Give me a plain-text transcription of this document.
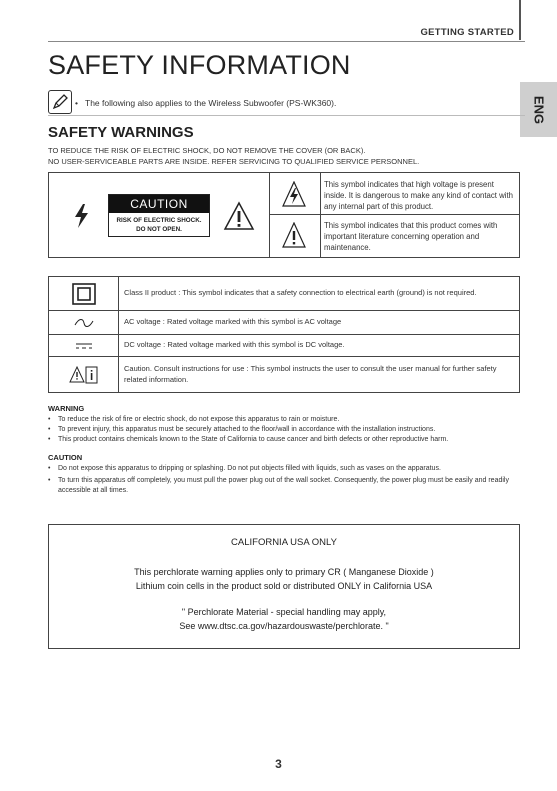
GETTING STARTED
SAFETY INFORMATION
ENG
• The following also applies to the Wireless Subwoofer (PS-WK360).
SAFETY WARNINGS
TO REDUCE THE RISK OF ELECTRIC SHOCK, DO NOT REMOVE THE COVER (OR BACK).
NO USER-SERVICEABLE PARTS ARE INSIDE. REFER SERVICING TO QUALIFIED SERVICE PERSONNEL.
CAUTION
RISK OF ELECTRIC SHOCK.
DO NOT OPEN.
This symbol indicates that high voltage is present inside. It is dangerous to make any kind of contact with any internal part of this product.
This symbol indicates that this product comes with important literature concerning operation and maintenance.
Class II product : This symbol indicates that a safety connection to electrical earth (ground) is not required.
AC voltage : Rated voltage marked with this symbol is AC voltage
DC voltage : Rated voltage marked with this symbol is DC voltage.
Caution. Consult instructions for use : This symbol instructs the user to consult the user manual for further safety related information.
WARNING
• To reduce the risk of fire or electric shock, do not expose this apparatus to rain or moisture.
• To prevent injury, this apparatus must be securely attached to the floor/wall in accordance with the installation instructions.
• This product contains chemicals known to the State of California to cause cancer and birth defects or other reproductive harm.
CAUTION
• Do not expose this apparatus to dripping or splashing. Do not put objects filled with liquids, such as vases on the apparatus.
• To turn this apparatus off completely, you must pull the power plug out of the wall socket. Consequently, the power plug must be easily and readily accessible at all times.
CALIFORNIA USA ONLY
This perchlorate warning applies only to primary CR ( Manganese Dioxide )
Lithium coin cells in the product sold or distributed ONLY in California USA
" Perchlorate Material - special handling may apply,
See www.dtsc.ca.gov/hazardouswaste/perchlorate. "
3
